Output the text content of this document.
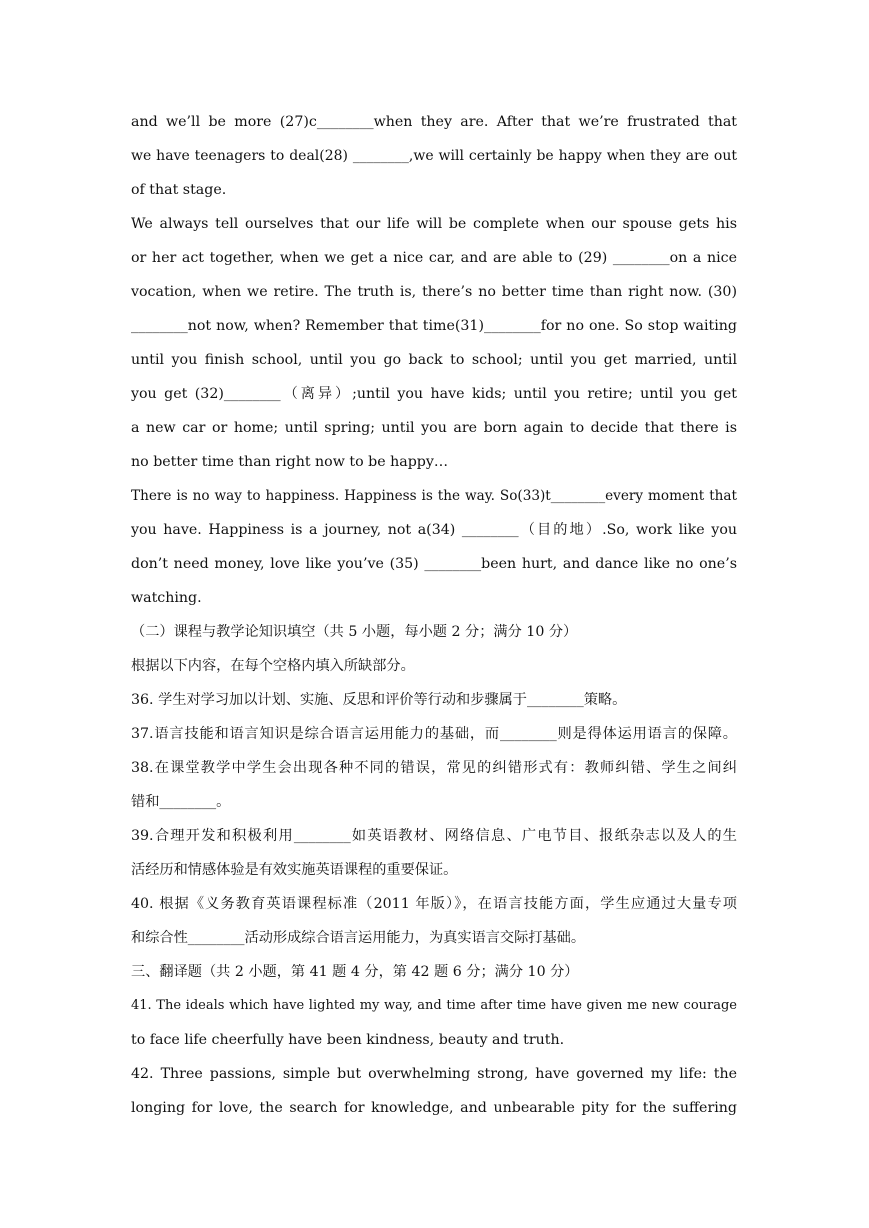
and we’ll be more (27)c________when they are. After that we’re frustrated that
we have teenagers to deal(28) ________,we will certainly be happy when they are out
of that stage.
We always tell ourselves that our life will be complete when our spouse gets his
or her act together, when we get a nice car, and are able to (29) ________on a nice
vocation, when we retire. The truth is, there’s no better time than right now. (30)
________not now, when? Remember that time(31)________for no one. So stop waiting
until you finish school, until you go back to school; until you get married, until
you get (32)________（离异）;until you have kids; until you retire; until you get
a new car or home; until spring; until you are born again to decide that there is
no better time than right now to be happy…
There is no way to happiness. Happiness is the way. So(33)t________every moment that
you have. Happiness is a journey, not a(34) ________（目的地）.So, work like you
don’t need money, love like you’ve (35) ________been hurt, and dance like no one’s
watching.
（二）课程与教学论知识填空（共 5 小题，每小题 2 分；满分 10 分）
根据以下内容，在每个空格内填入所缺部分。
36. 学生对学习加以计划、实施、反思和评价等行动和步骤属于________策略。
37.语言技能和语言知识是综合语言运用能力的基础，而________则是得体运用语言的保障。
38.在课堂教学中学生会出现各种不同的错误，常见的纠错形式有：教师纠错、学生之间纠
错和________。
39.合理开发和积极利用________如英语教材、网络信息、广电节目、报纸杂志以及人的生
活经历和情感体验是有效实施英语课程的重要保证。
40. 根据《义务教育英语课程标准（2011 年版）》，在语言技能方面，学生应通过大量专项
和综合性________活动形成综合语言运用能力，为真实语言交际打基础。
三、翻译题（共 2 小题，第 41 题 4 分，第 42 题 6 分；满分 10 分）
41. The ideals which have lighted my way, and time after time have given me new courage
to face life cheerfully have been kindness, beauty and truth.
42. Three passions, simple but overwhelming strong, have governed my life: the
longing for love, the search for knowledge, and unbearable pity for the suffering
